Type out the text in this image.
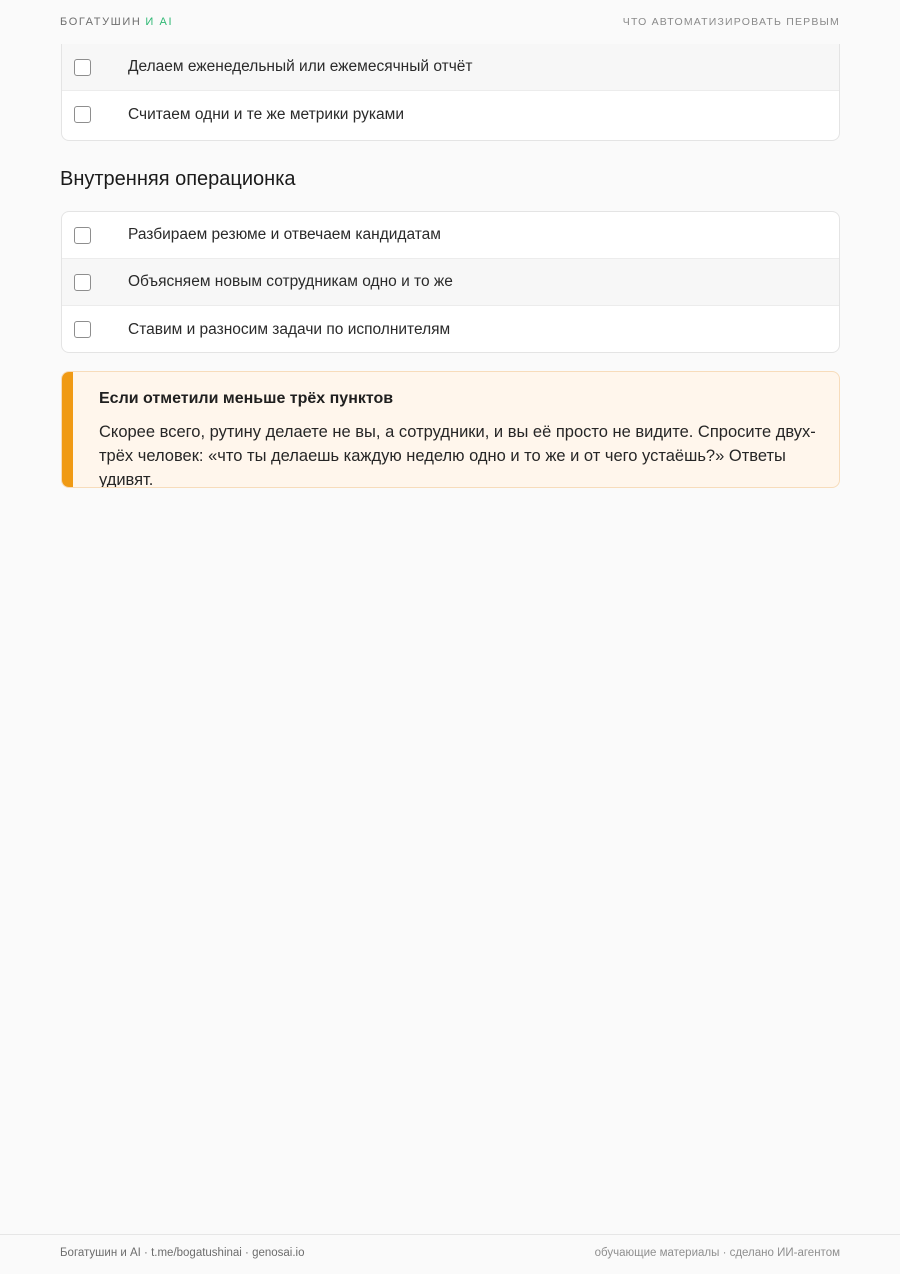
БОГАТУШИН И AI	ЧТО АВТОМАТИЗИРОВАТЬ ПЕРВЫМ
Делаем еженедельный или ежемесячный отчёт
Считаем одни и те же метрики руками
Внутренняя операционка
Разбираем резюме и отвечаем кандидатам
Объясняем новым сотрудникам одно и то же
Ставим и разносим задачи по исполнителям
Если отметили меньше трёх пунктов
Скорее всего, рутину делаете не вы, а сотрудники, и вы её просто не видите. Спросите двух-трёх человек: «что ты делаешь каждую неделю одно и то же и от чего устаёшь?» Ответы удивят.
Богатушин и AI · t.me/bogatushinai · genosai.io	обучающие материалы · сделано ИИ-агентом
